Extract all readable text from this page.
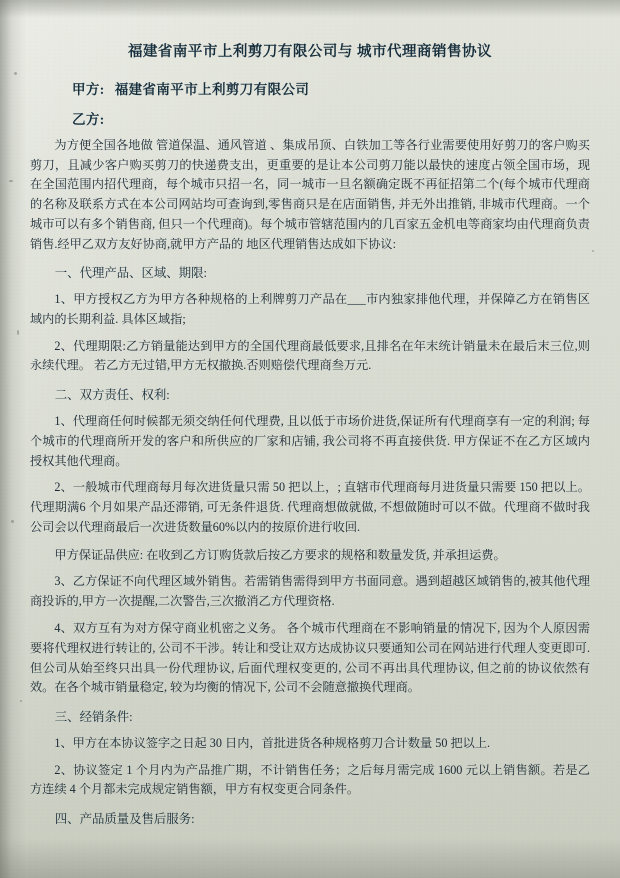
福建省南平市上利剪刀有限公司与 城市代理商销售协议
甲方: 福建省南平市上利剪刀有限公司
乙方:

为方便全国各地做 管道保温、通风管道 、集成吊顶、白铁加工等各行业需要使用好剪刀的客户购买剪刀，且减少客户购买剪刀的快递费支出，更重要的是让本公司剪刀能以最快的速度占领全国市场，现在全国范围内招代理商，每个城市只招一名，同一城市一旦名额确定既不再征招第二个(每个城市代理商的名称及联系方式在本公司网站均可查询到,零售商只是在店面销售, 并无外出推销, 非城市代理商。一个城市可以有多个销售商, 但只一个代理商)。每个城市管辖范围内的几百家五金机电等商家均由代理商负责销售.经甲乙双方友好协商,就甲方产品的 地区代理销售达成如下协议:

一、代理产品、区域、期限:

1、甲方授权乙方为甲方各种规格的上利牌剪刀产品在___市内独家排他代理，并保障乙方在销售区域内的长期利益. 具体区域指;

2、代理期限:乙方销量能达到甲方的全国代理商最低要求,且排名在年末统计销量未在最后末三位,则永续代理。 若乙方无过错,甲方无权撤换.否则赔偿代理商叁万元.

二、双方责任、权利:

1、代理商任何时候都无须交纳任何代理费, 且以低于市场价进货,保证所有代理商享有一定的利润; 每个城市的代理商所开发的客户和所供应的厂家和店铺, 我公司将不再直接供货. 甲方保证不在乙方区域内授权其他代理商。

2、一般城市代理商每月每次进货量只需 50 把以上，; 直辖市代理商每月进货量只需要 150 把以上。代理期满6 个月如果产品还滞销, 可无条件退货. 代理商想做就做, 不想做随时可以不做。代理商不做时我公司会以代理商最后一次进货数量60%以内的按原价进行收回.

甲方保证品供应: 在收到乙方订购货款后按乙方要求的规格和数量发货, 并承担运费。

3、乙方保证不向代理区域外销售。若需销售需得到甲方书面同意。遇到超越区域销售的,被其他代理商投诉的,甲方一次提醒,二次警告,三次撤消乙方代理资格.

4、双方互有为对方保守商业机密之义务。 各个城市代理商在不影响销量的情况下, 因为个人原因需要将代理权进行转让的, 公司不干涉。转让和受让双方达成协议只要通知公司在网站进行代理人变更即可. 但公司从始至终只出具一份代理协议, 后面代理权变更的, 公司不再出具代理协议, 但之前的协议依然有效。在各个城市销量稳定, 较为均衡的情况下, 公司不会随意撤换代理商。

三、经销条件:

1、甲方在本协议签字之日起 30 日内，首批进货各种规格剪刀合计数量 50 把以上.

2、协议签定 1 个月内为产品推广期，不计销售任务；之后每月需完成 1600 元以上销售额。若是乙方连续 4 个月都未完成规定销售额，甲方有权变更合同条件。

四、产品质量及售后服务:
